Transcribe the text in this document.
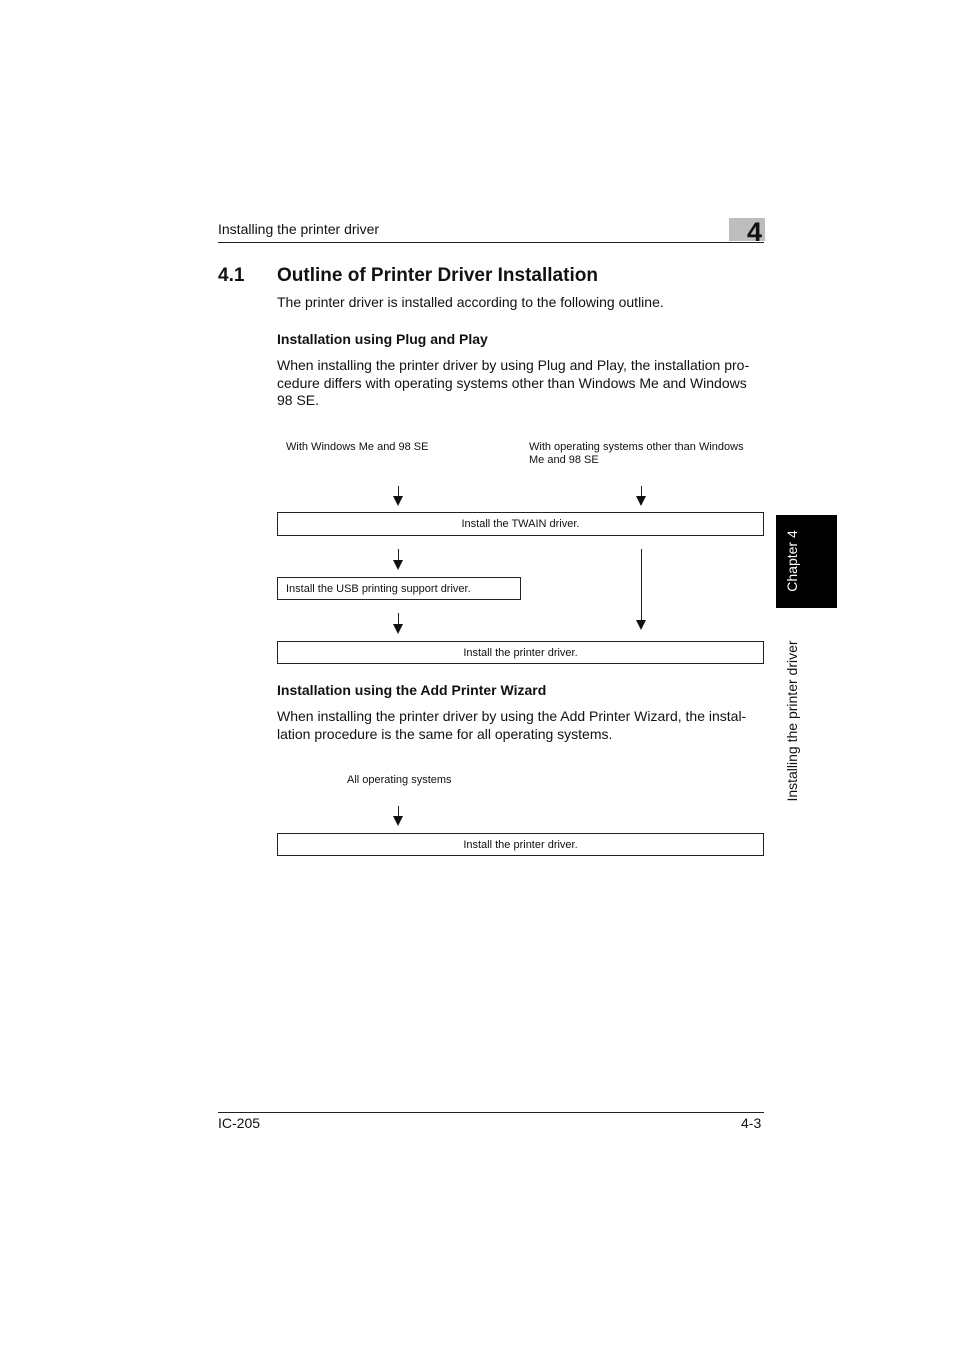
Installing the printer driver	4
4.1 Outline of Printer Driver Installation
The printer driver is installed according to the following outline.
Installation using Plug and Play
When installing the printer driver by using Plug and Play, the installation pro-cedure differs with operating systems other than Windows Me and Windows 98 SE.
With Windows Me and 98 SE	With operating systems other than Windows Me and 98 SE
Install the TWAIN driver.
Install the USB printing support driver.
Install the printer driver.
Installation using the Add Printer Wizard
When installing the printer driver by using the Add Printer Wizard, the instal-lation procedure is the same for all operating systems.
All operating systems
Install the printer driver.
Chapter 4
Installing the printer driver
IC-205	4-3
